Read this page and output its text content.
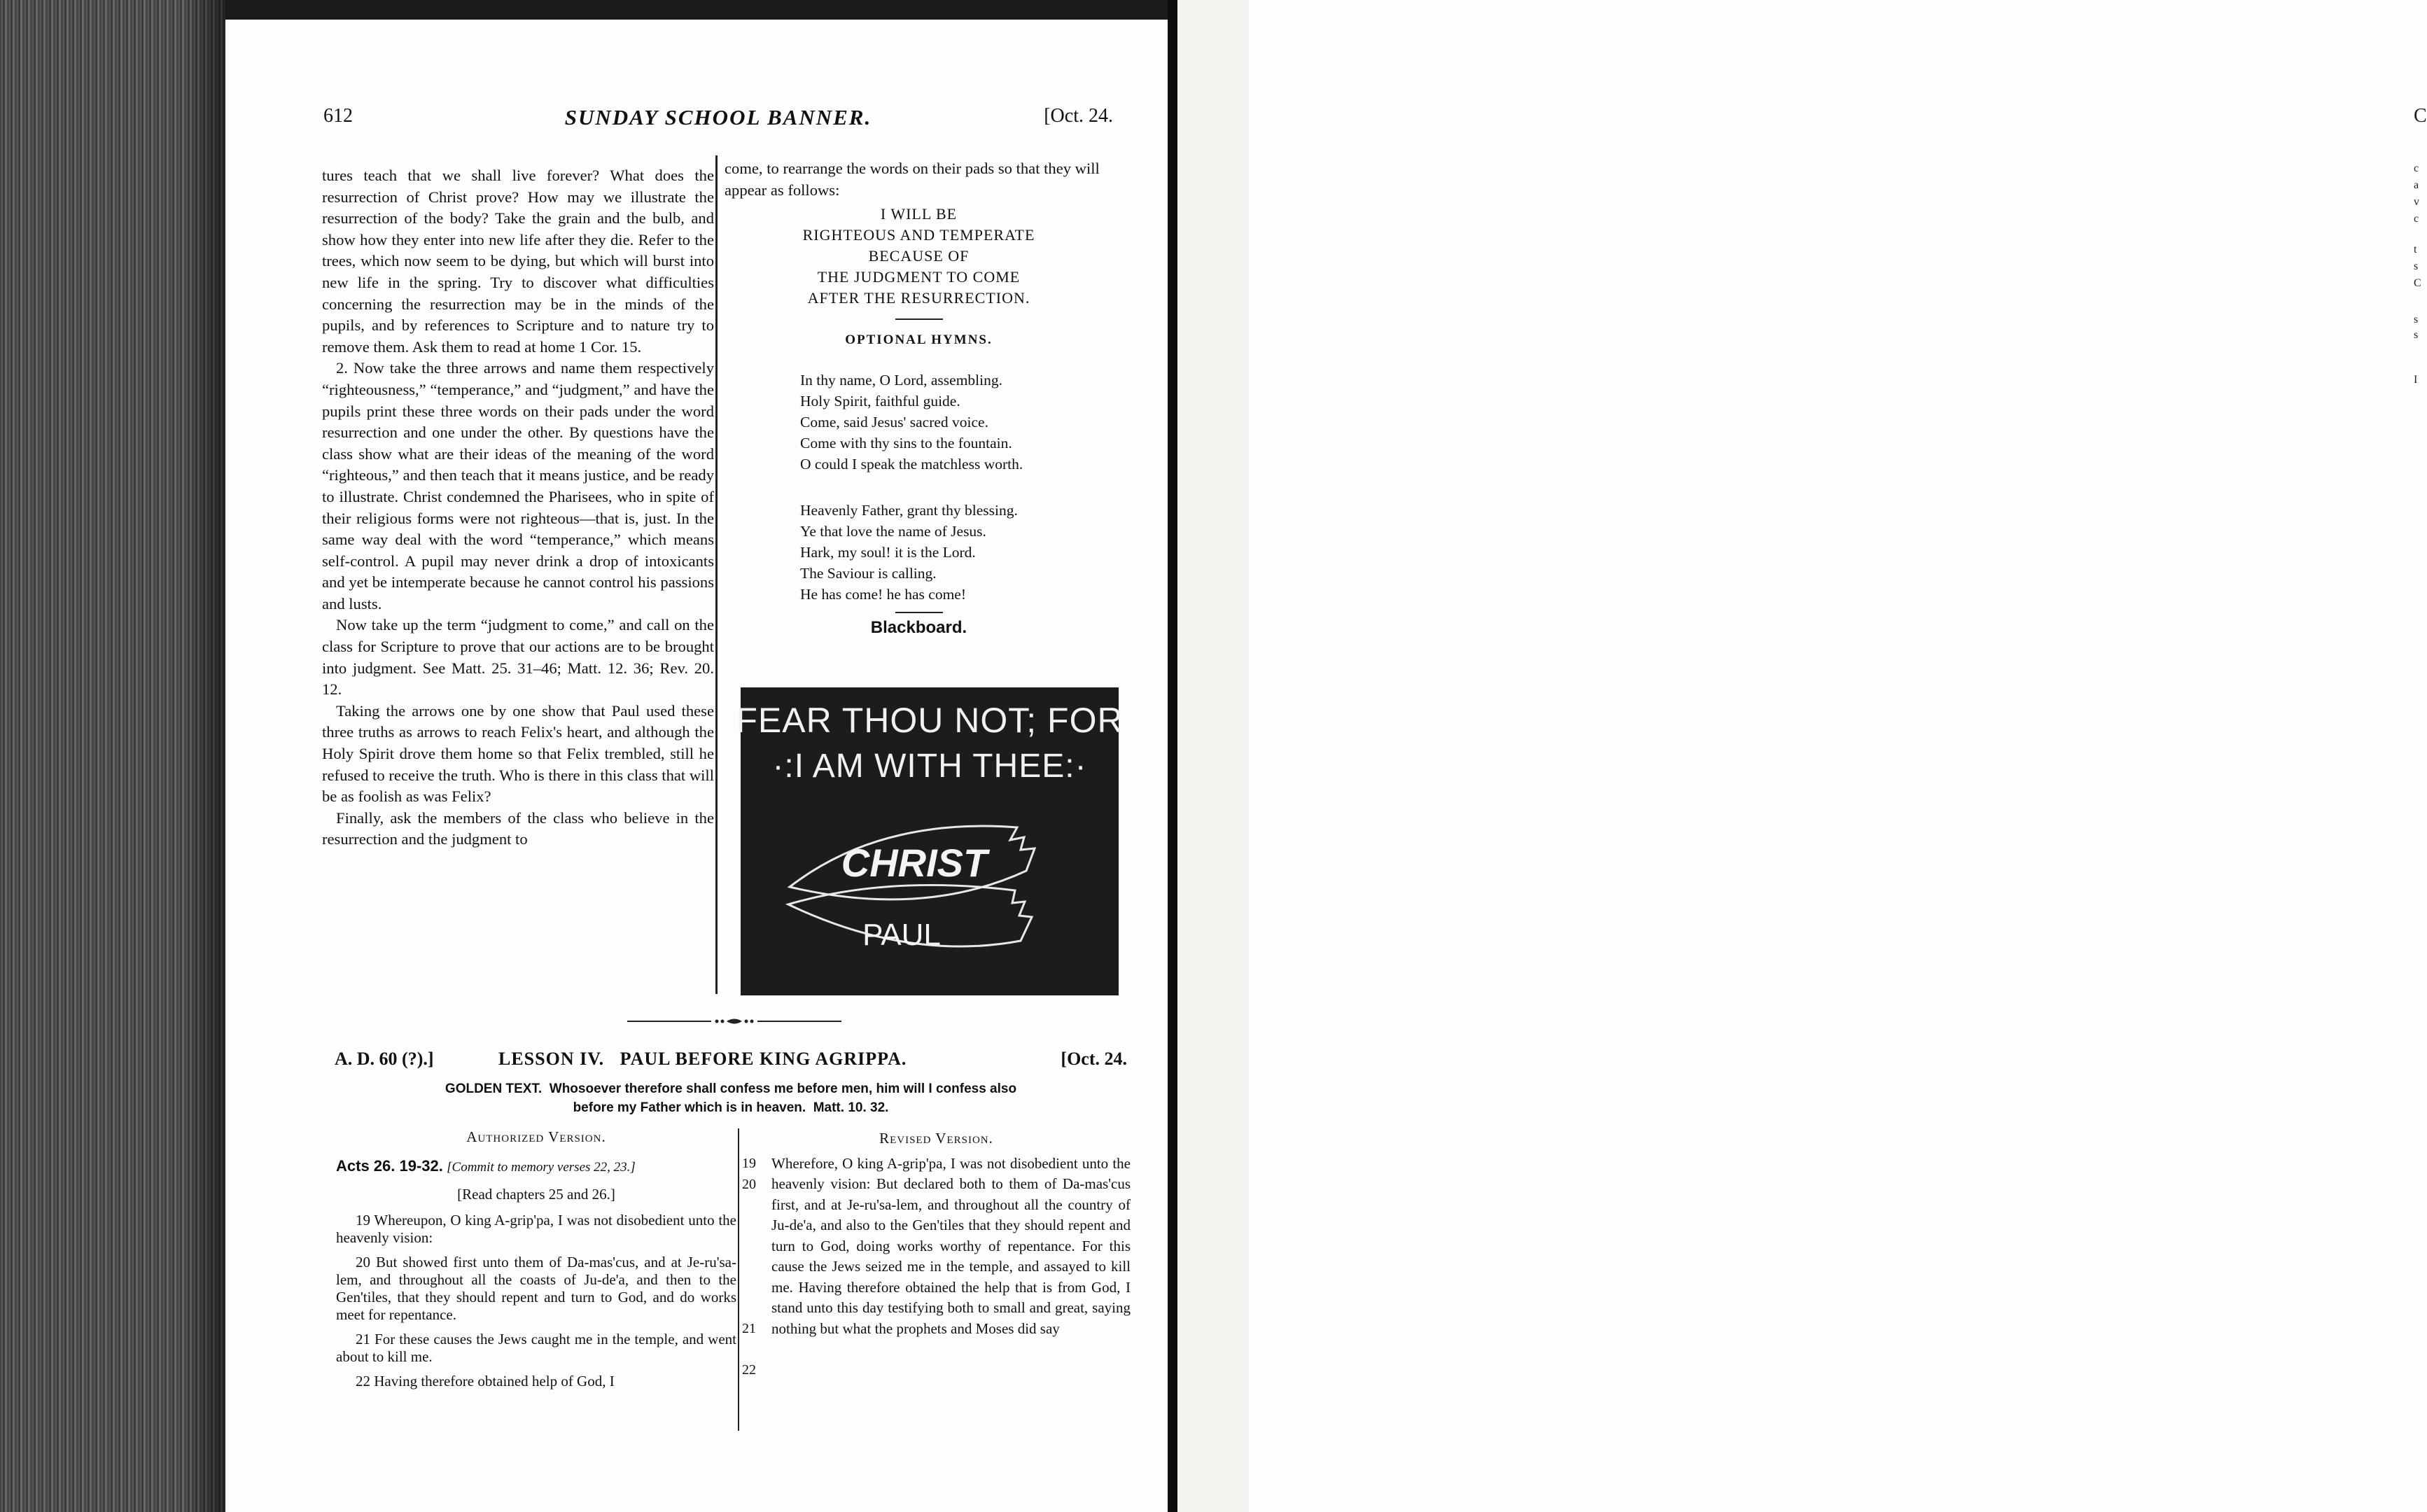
C
c
a
v
c
t
s
C
s
s
I
612	SUNDAY SCHOOL BANNER.	[Oct. 24.

tures teach that we shall live forever? What does the resurrection of Christ prove? How may we illustrate the resurrection of the body? Take the grain and the bulb, and show how they enter into new life after they die. Refer to the trees, which now seem to be dying, but which will burst into new life in the spring. Try to discover what difficulties concerning the resurrection may be in the minds of the pupils, and by references to Scripture and to nature try to remove them. Ask them to read at home 1 Cor. 15.

2. Now take the three arrows and name them respectively “righteousness,” “temperance,” and “judgment,” and have the pupils print these three words on their pads under the word resurrection and one under the other. By questions have the class show what are their ideas of the meaning of the word “righteous,” and then teach that it means justice, and be ready to illustrate. Christ condemned the Pharisees, who in spite of their religious forms were not righteous—that is, just. In the same way deal with the word “temperance,” which means self-control. A pupil may never drink a drop of intoxicants and yet be intemperate because he cannot control his passions and lusts.

Now take up the term “judgment to come,” and call on the class for Scripture to prove that our actions are to be brought into judgment. See Matt. 25. 31–46; Matt. 12. 36; Rev. 20. 12.

Taking the arrows one by one show that Paul used these three truths as arrows to reach Felix's heart, and although the Holy Spirit drove them home so that Felix trembled, still he refused to receive the truth. Who is there in this class that will be as foolish as was Felix?

Finally, ask the members of the class who believe in the resurrection and the judgment to

come, to rearrange the words on their pads so that they will appear as follows:

I WILL BE

RIGHTEOUS AND TEMPERATE

BECAUSE OF

THE JUDGMENT TO COME

AFTER THE RESURRECTION.

OPTIONAL HYMNS.
In thy name, O Lord, assembling.
Holy Spirit, faithful guide.
Come, said Jesus' sacred voice.
Come with thy sins to the fountain.
O could I speak the matchless worth.
Heavenly Father, grant thy blessing.
Ye that love the name of Jesus.
Hark, my soul! it is the Lord.
The Saviour is calling.
He has come! he has come!
Blackboard.
FEAR THOU NOT; FOR
·:I AM WITH THEE:·
CHRIST
PAUL
A. D. 60 (?).]	LESSON IV.   PAUL BEFORE KING AGRIPPA.	[Oct. 24.
GOLDEN TEXT.  Whosoever therefore shall confess me before men, him will I confess also
before my Father which is in heaven.  Matt. 10. 32.
Authorized Version.
Acts 26. 19-32. [Commit to memory verses 22, 23.]
[Read chapters 25 and 26.]

19 Whereupon, O king A-grip'pa, I was not disobedient unto the heavenly vision:

20 But showed first unto them of Da-mas'cus, and at Je-ru'sa-lem, and throughout all the coasts of Ju-de'a, and then to the Gen'tiles, that they should repent and turn to God, and do works meet for repentance.

21 For these causes the Jews caught me in the temple, and went about to kill me.

22 Having therefore obtained help of God, I

Revised Version.
19
20
21
22
Wherefore, O king A-grip'pa, I was not disobedient unto the heavenly vision: But declared both to them of Da-mas'cus first, and at Je-ru'sa-lem, and throughout all the country of Ju-de'a, and also to the Gen'tiles that they should repent and turn to God, doing works worthy of repentance. For this cause the Jews seized me in the temple, and assayed to kill me. Having therefore obtained the help that is from God, I stand unto this day testifying both to small and great, saying nothing but what the prophets and Moses did say
